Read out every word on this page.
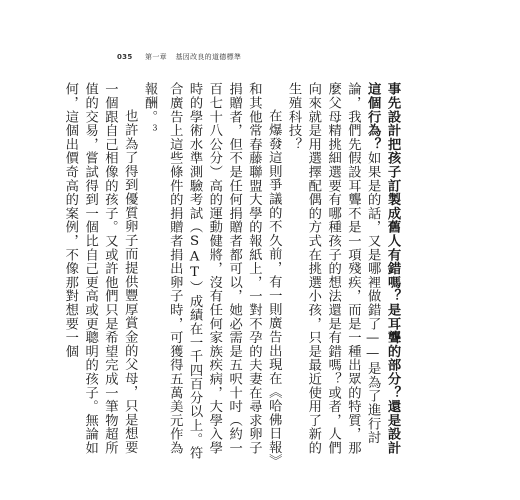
035 第一章 基因改良的道德標準

事先設計把孩子訂製成舊人有錯嗎？是耳聾的部分？還是設計這個行為？如果是的話，又是哪裡做錯了——是為了進行討論，我們先假設耳聾不是一項殘疾，而是一種出眾的特質，那麼父母精挑細選要有哪種孩子的想法還是有錯嗎？或者，人們向來就是用選擇配偶的方式在挑選小孩，只是最近使用了新的生殖科技？

在爆發這則爭議的不久前，有一則廣告出現在《哈佛日報》和其他常春藤聯盟大學的報紙上，一對不孕的夫妻在尋求卵子捐贈者，但不是任何捐贈者都可以，她必需是五呎十吋（約一百七十八公分）高的運動健將，沒有任何家族疾病，大學入學時的學術水準測驗考試（SAT）成績在一千四百分以上。符合廣告上這些條件的捐贈者捐出卵子時，可獲得五萬美元作為報酬。$^3$

也許為了得到優質卵子而提供豐厚賞金的父母，只是想要一個跟自己相像的孩子。又或許他們只是希望完成一筆物超所值的交易，嘗試得到一個比自己更高或更聰明的孩子。無論如何，這個出價奇高的案例，不像那對想要一個
